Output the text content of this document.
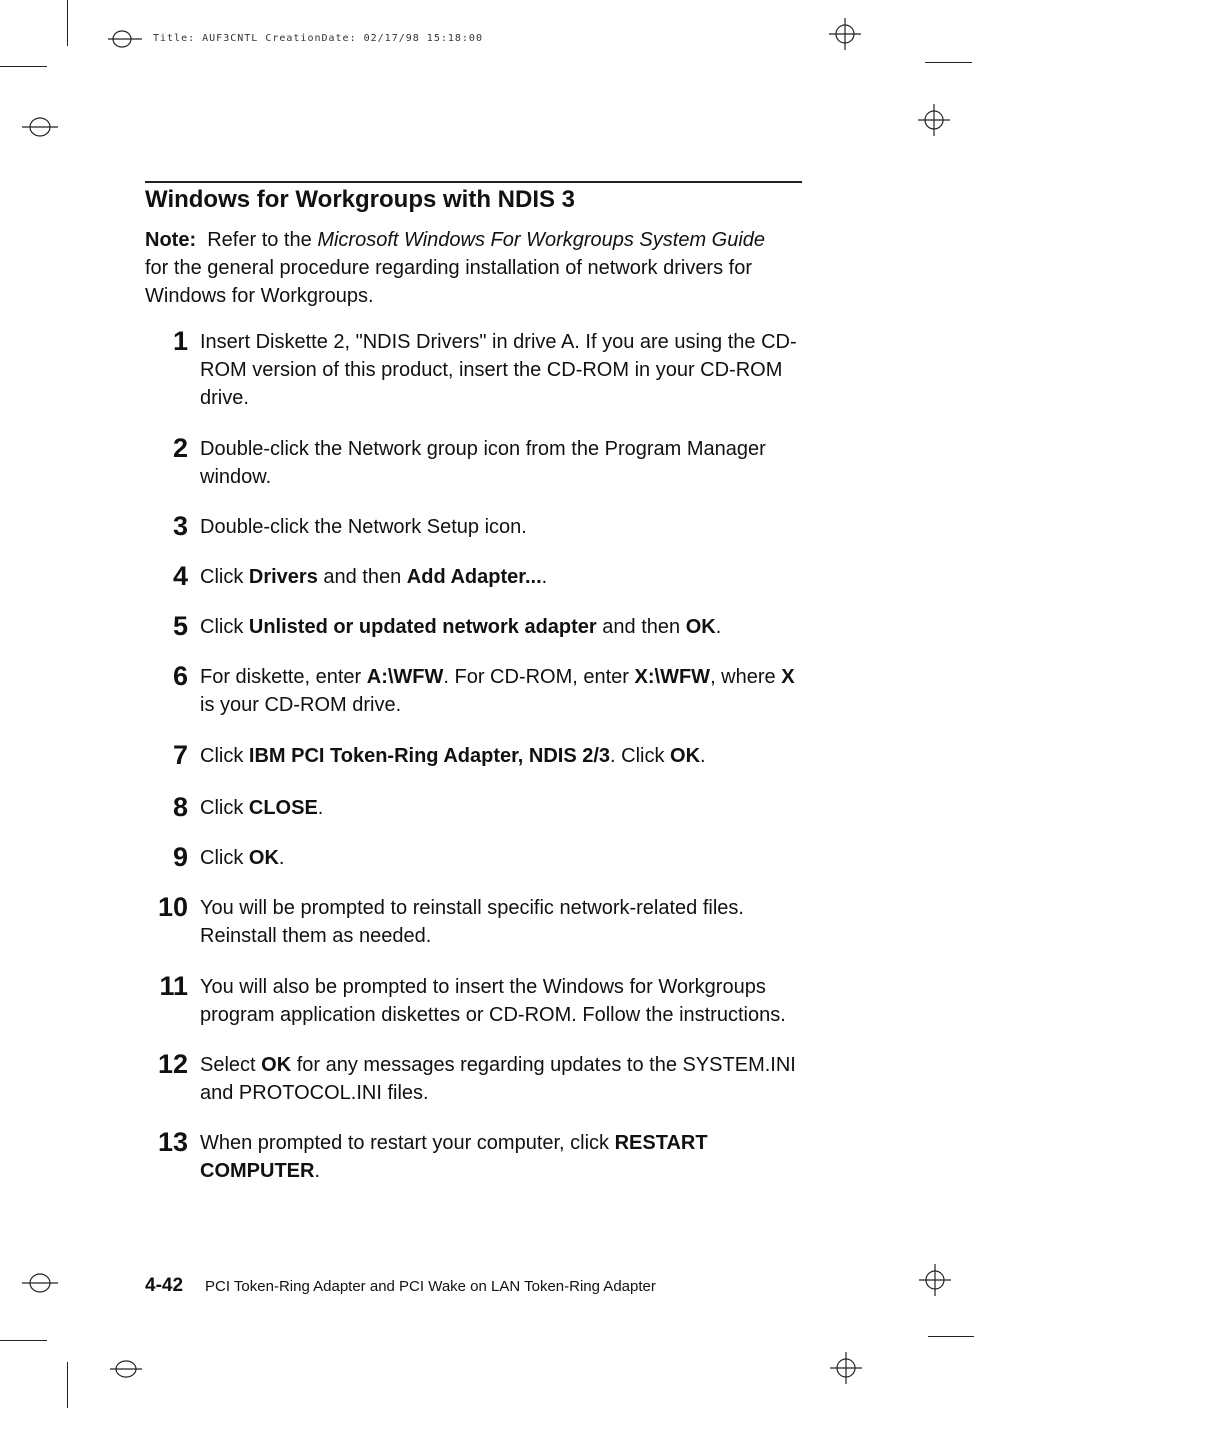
Title: AUF3CNTL CreationDate: 02/17/98 15:18:00
Windows for Workgroups with NDIS 3
Note: Refer to the Microsoft Windows For Workgroups System Guide for the general procedure regarding installation of network drivers for Windows for Workgroups.
1 Insert Diskette 2, "NDIS Drivers" in drive A. If you are using the CD-ROM version of this product, insert the CD-ROM in your CD-ROM drive.
2 Double-click the Network group icon from the Program Manager window.
3 Double-click the Network Setup icon.
4 Click Drivers and then Add Adapter....
5 Click Unlisted or updated network adapter and then OK.
6 For diskette, enter A:\WFW. For CD-ROM, enter X:\WFW, where X is your CD-ROM drive.
7 Click IBM PCI Token-Ring Adapter, NDIS 2/3. Click OK.
8 Click CLOSE.
9 Click OK.
10 You will be prompted to reinstall specific network-related files. Reinstall them as needed.
11 You will also be prompted to insert the Windows for Workgroups program application diskettes or CD-ROM. Follow the instructions.
12 Select OK for any messages regarding updates to the SYSTEM.INI and PROTOCOL.INI files.
13 When prompted to restart your computer, click RESTART COMPUTER.
4-42 PCI Token-Ring Adapter and PCI Wake on LAN Token-Ring Adapter
